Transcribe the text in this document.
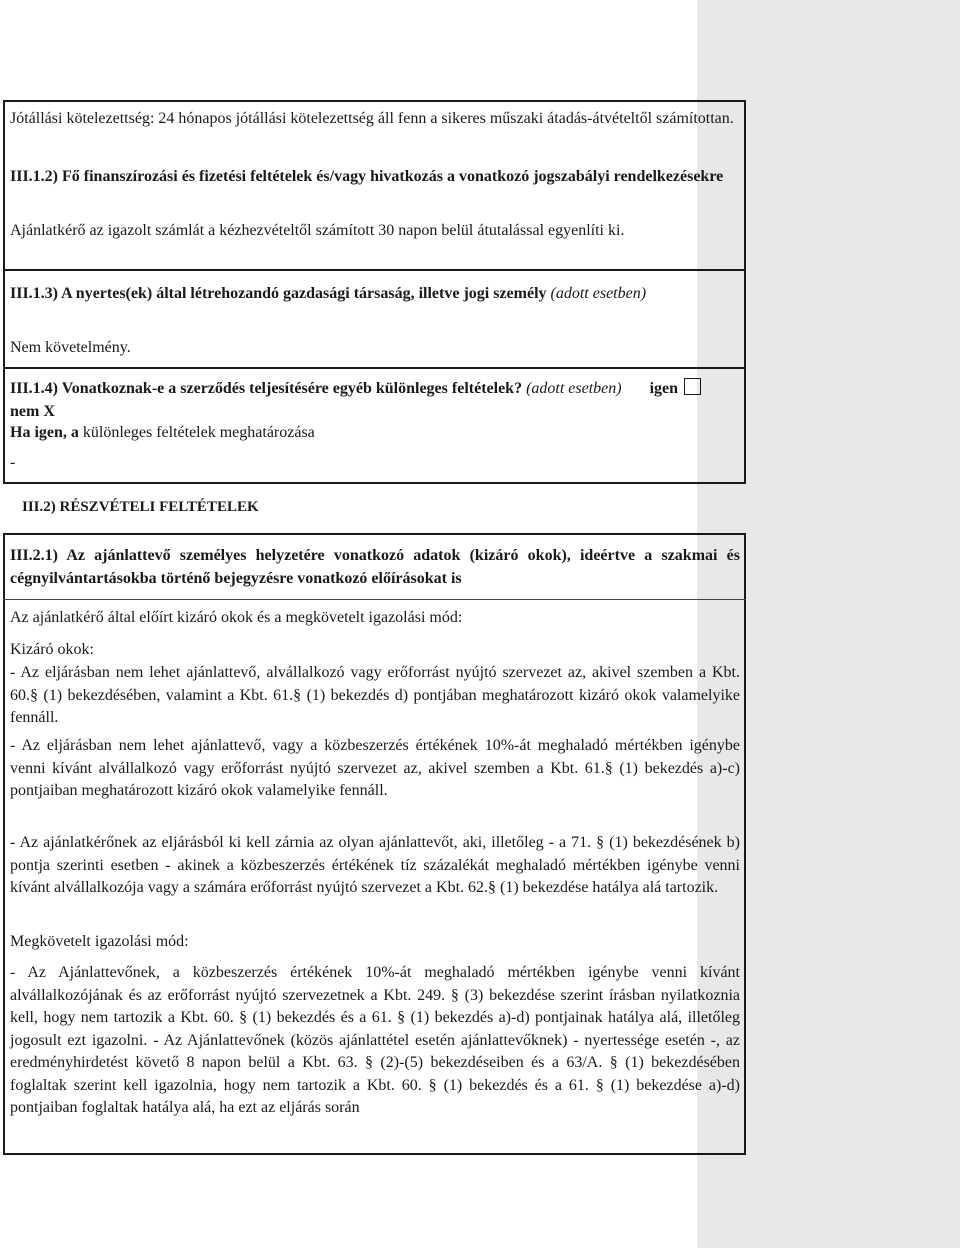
Jótállási kötelezettség: 24 hónapos jótállási kötelezettség áll fenn a sikeres műszaki átadás-átvételtől számítottan.

III.1.2) Fő finanszírozási és fizetési feltételek és/vagy hivatkozás a vonatkozó jogszabályi rendelkezésekre

Ajánlatkérő az igazolt számlát a kézhezvételtől számított 30 napon belül átutalással egyenlíti ki.

III.1.3) A nyertes(ek) által létrehozandó gazdasági társaság, illetve jogi személy (adott esetben)

Nem követelmény.

III.1.4) Vonatkoznak-e a szerződés teljesítésére egyéb különleges feltételek? (adott esetben) igen nem X

Ha igen, a különleges feltételek meghatározása

-

III.2) RÉSZVÉTELI FELTÉTELEK

III.2.1) Az ajánlattevő személyes helyzetére vonatkozó adatok (kizáró okok), ideértve a szakmai és cégnyilvántartásokba történő bejegyzésre vonatkozó előírásokat is

Az ajánlatkérő által előírt kizáró okok és a megkövetelt igazolási mód:

Kizáró okok:

- Az eljárásban nem lehet ajánlattevő, alvállalkozó vagy erőforrást nyújtó szervezet az, akivel szemben a Kbt. 60.§ (1) bekezdésében, valamint a Kbt. 61.§ (1) bekezdés d) pontjában meghatározott kizáró okok valamelyike fennáll.

- Az eljárásban nem lehet ajánlattevő, vagy a közbeszerzés értékének 10%-át meghaladó mértékben igénybe venni kívánt alvállalkozó vagy erőforrást nyújtó szervezet az, akivel szemben a Kbt. 61.§ (1) bekezdés a)-c) pontjaiban meghatározott kizáró okok valamelyike fennáll.

- Az ajánlatkérőnek az eljárásból ki kell zárnia az olyan ajánlattevőt, aki, illetőleg - a 71. § (1) bekezdésének b) pontja szerinti esetben - akinek a közbeszerzés értékének tíz százalékát meghaladó mértékben igénybe venni kívánt alvállalkozója vagy a számára erőforrást nyújtó szervezet a Kbt. 62.§ (1) bekezdése hatálya alá tartozik.

Megkövetelt igazolási mód:

- Az Ajánlattevőnek, a közbeszerzés értékének 10%-át meghaladó mértékben igénybe venni kívánt alvállalkozójának és az erőforrást nyújtó szervezetnek a Kbt. 249. § (3) bekezdése szerint írásban nyilatkoznia kell, hogy nem tartozik a Kbt. 60. § (1) bekezdés és a 61. § (1) bekezdés a)-d) pontjainak hatálya alá, illetőleg jogosult ezt igazolni. - Az Ajánlattevőnek (közös ajánlattétel esetén ajánlattevőknek) - nyertessége esetén -, az eredményhirdetést követő 8 napon belül a Kbt. 63. § (2)-(5) bekezdéseiben és a 63/A. § (1) bekezdésében foglaltak szerint kell igazolnia, hogy nem tartozik a Kbt. 60. § (1) bekezdés és a 61. § (1) bekezdése a)-d) pontjaiban foglaltak hatálya alá, ha ezt az eljárás során
